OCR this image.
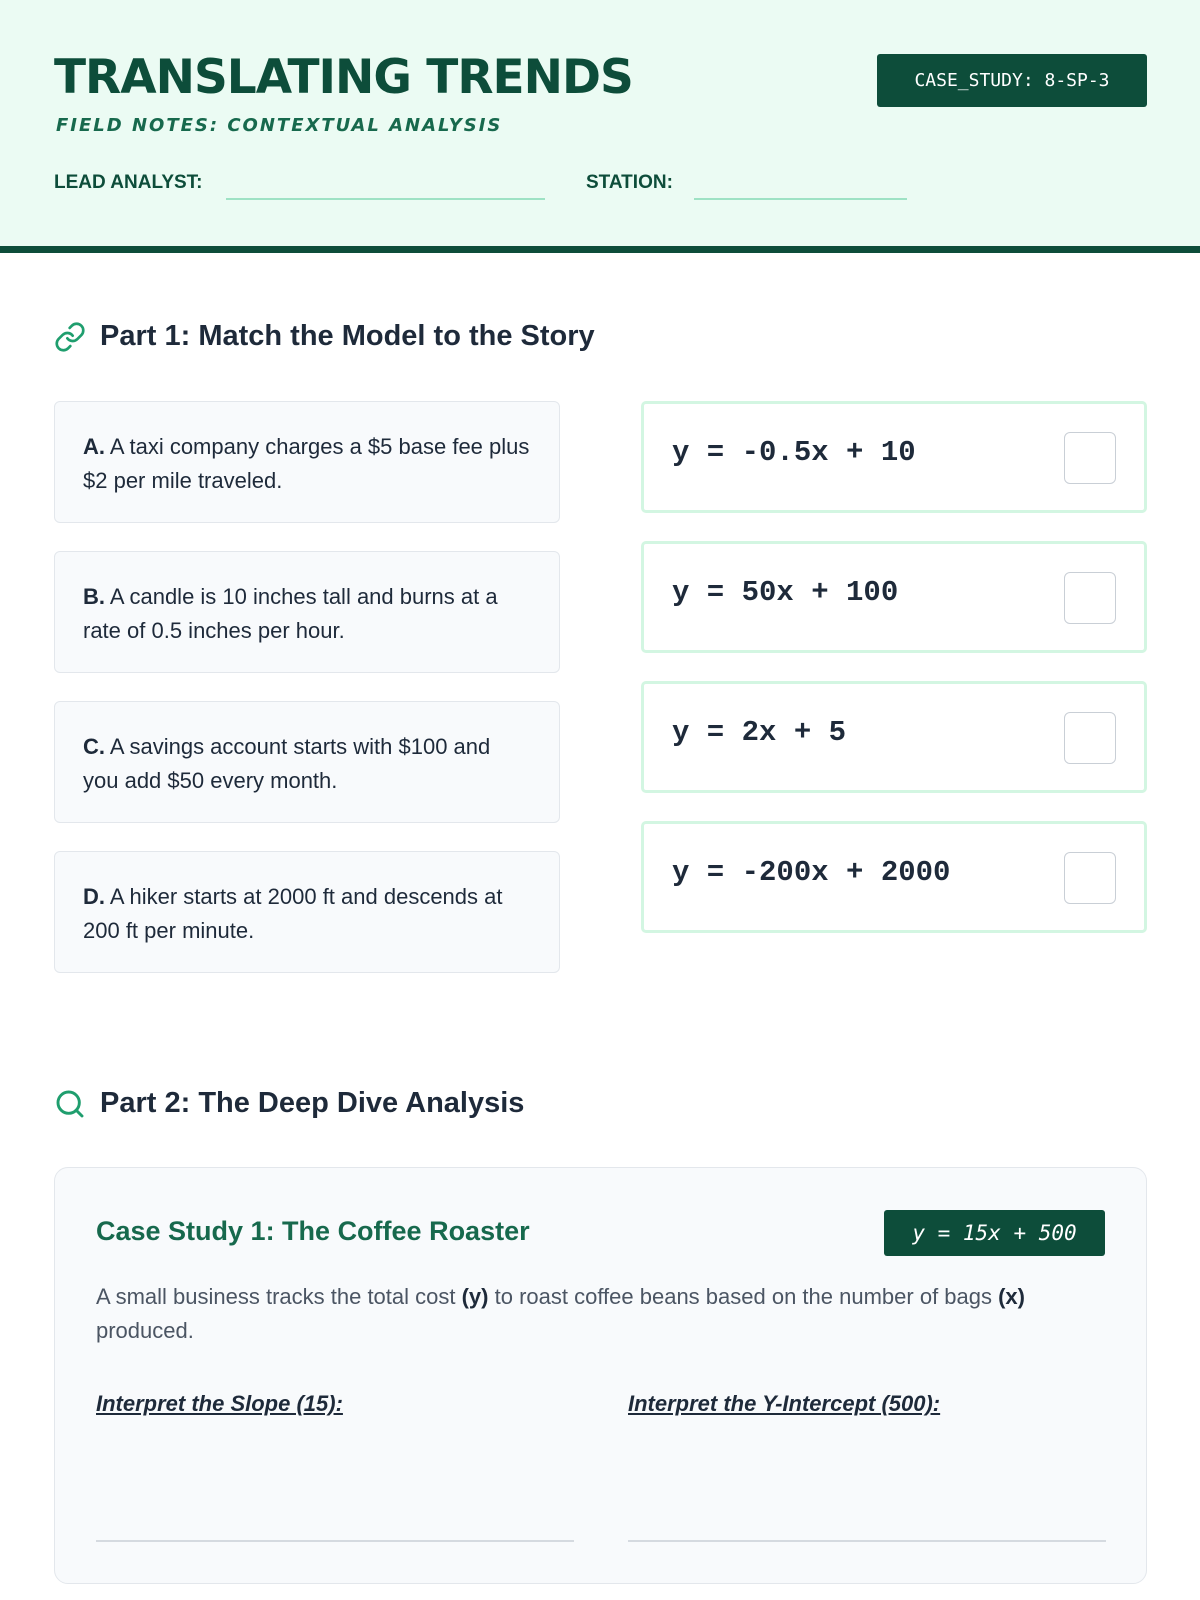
TRANSLATING TRENDS
FIELD NOTES: CONTEXTUAL ANALYSIS
CASE_STUDY: 8-SP-3
LEAD ANALYST:	STATION:
Part 1: Match the Model to the Story
A. A taxi company charges a $5 base fee plus $2 per mile traveled.
B. A candle is 10 inches tall and burns at a rate of 0.5 inches per hour.
C. A savings account starts with $100 and you add $50 every month.
D. A hiker starts at 2000 ft and descends at 200 ft per minute.
y = -0.5x + 10
y = 50x + 100
y = 2x + 5
y = -200x + 2000
Part 2: The Deep Dive Analysis
Case Study 1: The Coffee Roaster	y = 15x + 500
A small business tracks the total cost (y) to roast coffee beans based on the number of bags (x) produced.
Interpret the Slope (15):	Interpret the Y-Intercept (500):
